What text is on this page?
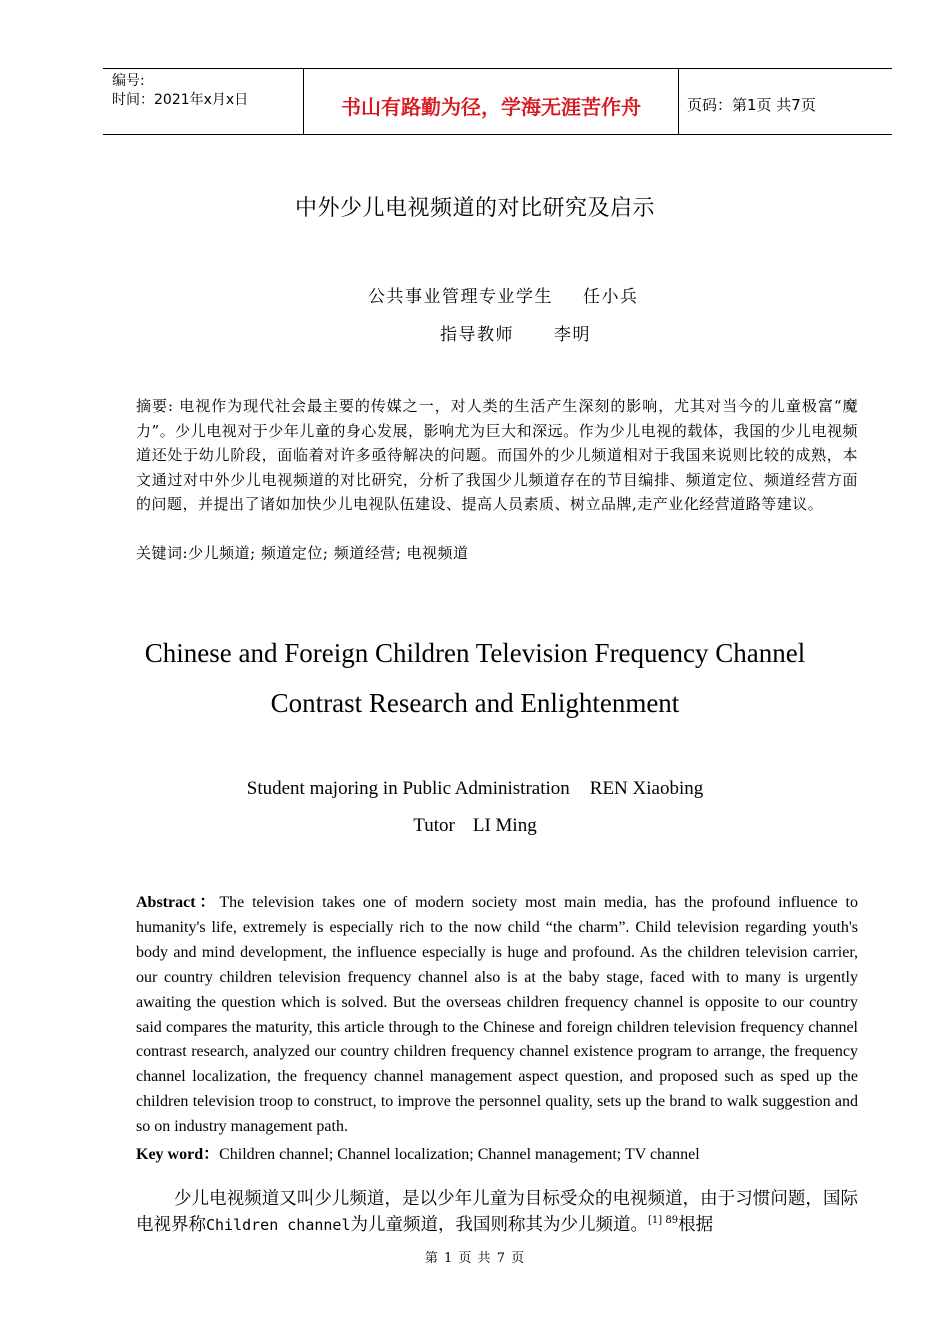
编号:
时间：2021年x月x日	书山有路勤为径，学海无涯苦作舟	页码：第1页 共7页
中外少儿电视频道的对比研究及启示
公共事业管理专业学生 任小兵
指导教师 李明
摘要: 电视作为现代社会最主要的传媒之一，对人类的生活产生深刻的影响，尤其对当今的儿童极富“魔力”。少儿电视对于少年儿童的身心发展，影响尤为巨大和深远。作为少儿电视的载体，我国的少儿电视频道还处于幼儿阶段，面临着对许多亟待解决的问题。而国外的少儿频道相对于我国来说则比较的成熟，本文通过对中外少儿电视频道的对比研究，分析了我国少儿频道存在的节目编排、频道定位、频道经营方面的问题，并提出了诸如加快少儿电视队伍建设、提高人员素质、树立品牌,走产业化经营道路等建议。
关键词:少儿频道; 频道定位; 频道经营; 电视频道
Chinese and Foreign Children Television Frequency Channel
Contrast Research and Enlightenment
Student majoring in Public Administration REN Xiaobing
Tutor LI Ming
Abstract：The television takes one of modern society most main media, has the profound influence to humanity's life, extremely is especially rich to the now child “the charm”. Child television regarding youth's body and mind development, the influence especially is huge and profound. As the children television carrier, our country children television frequency channel also is at the baby stage, faced with to many is urgently awaiting the question which is solved. But the overseas children frequency channel is opposite to our country said compares the maturity, this article through to the Chinese and foreign children television frequency channel contrast research, analyzed our country children frequency channel existence program to arrange, the frequency channel localization, the frequency channel management aspect question, and proposed such as sped up the children television troop to construct, to improve the personnel quality, sets up the brand to walk suggestion and so on industry management path.
Key word：Children channel; Channel localization; Channel management; TV channel
少儿电视频道又叫少儿频道，是以少年儿童为目标受众的电视频道，由于习惯问题，国际电视界称Children channel为儿童频道，我国则称其为少儿频道。$^{[1] 89}$根据
第 1 页 共 7 页
